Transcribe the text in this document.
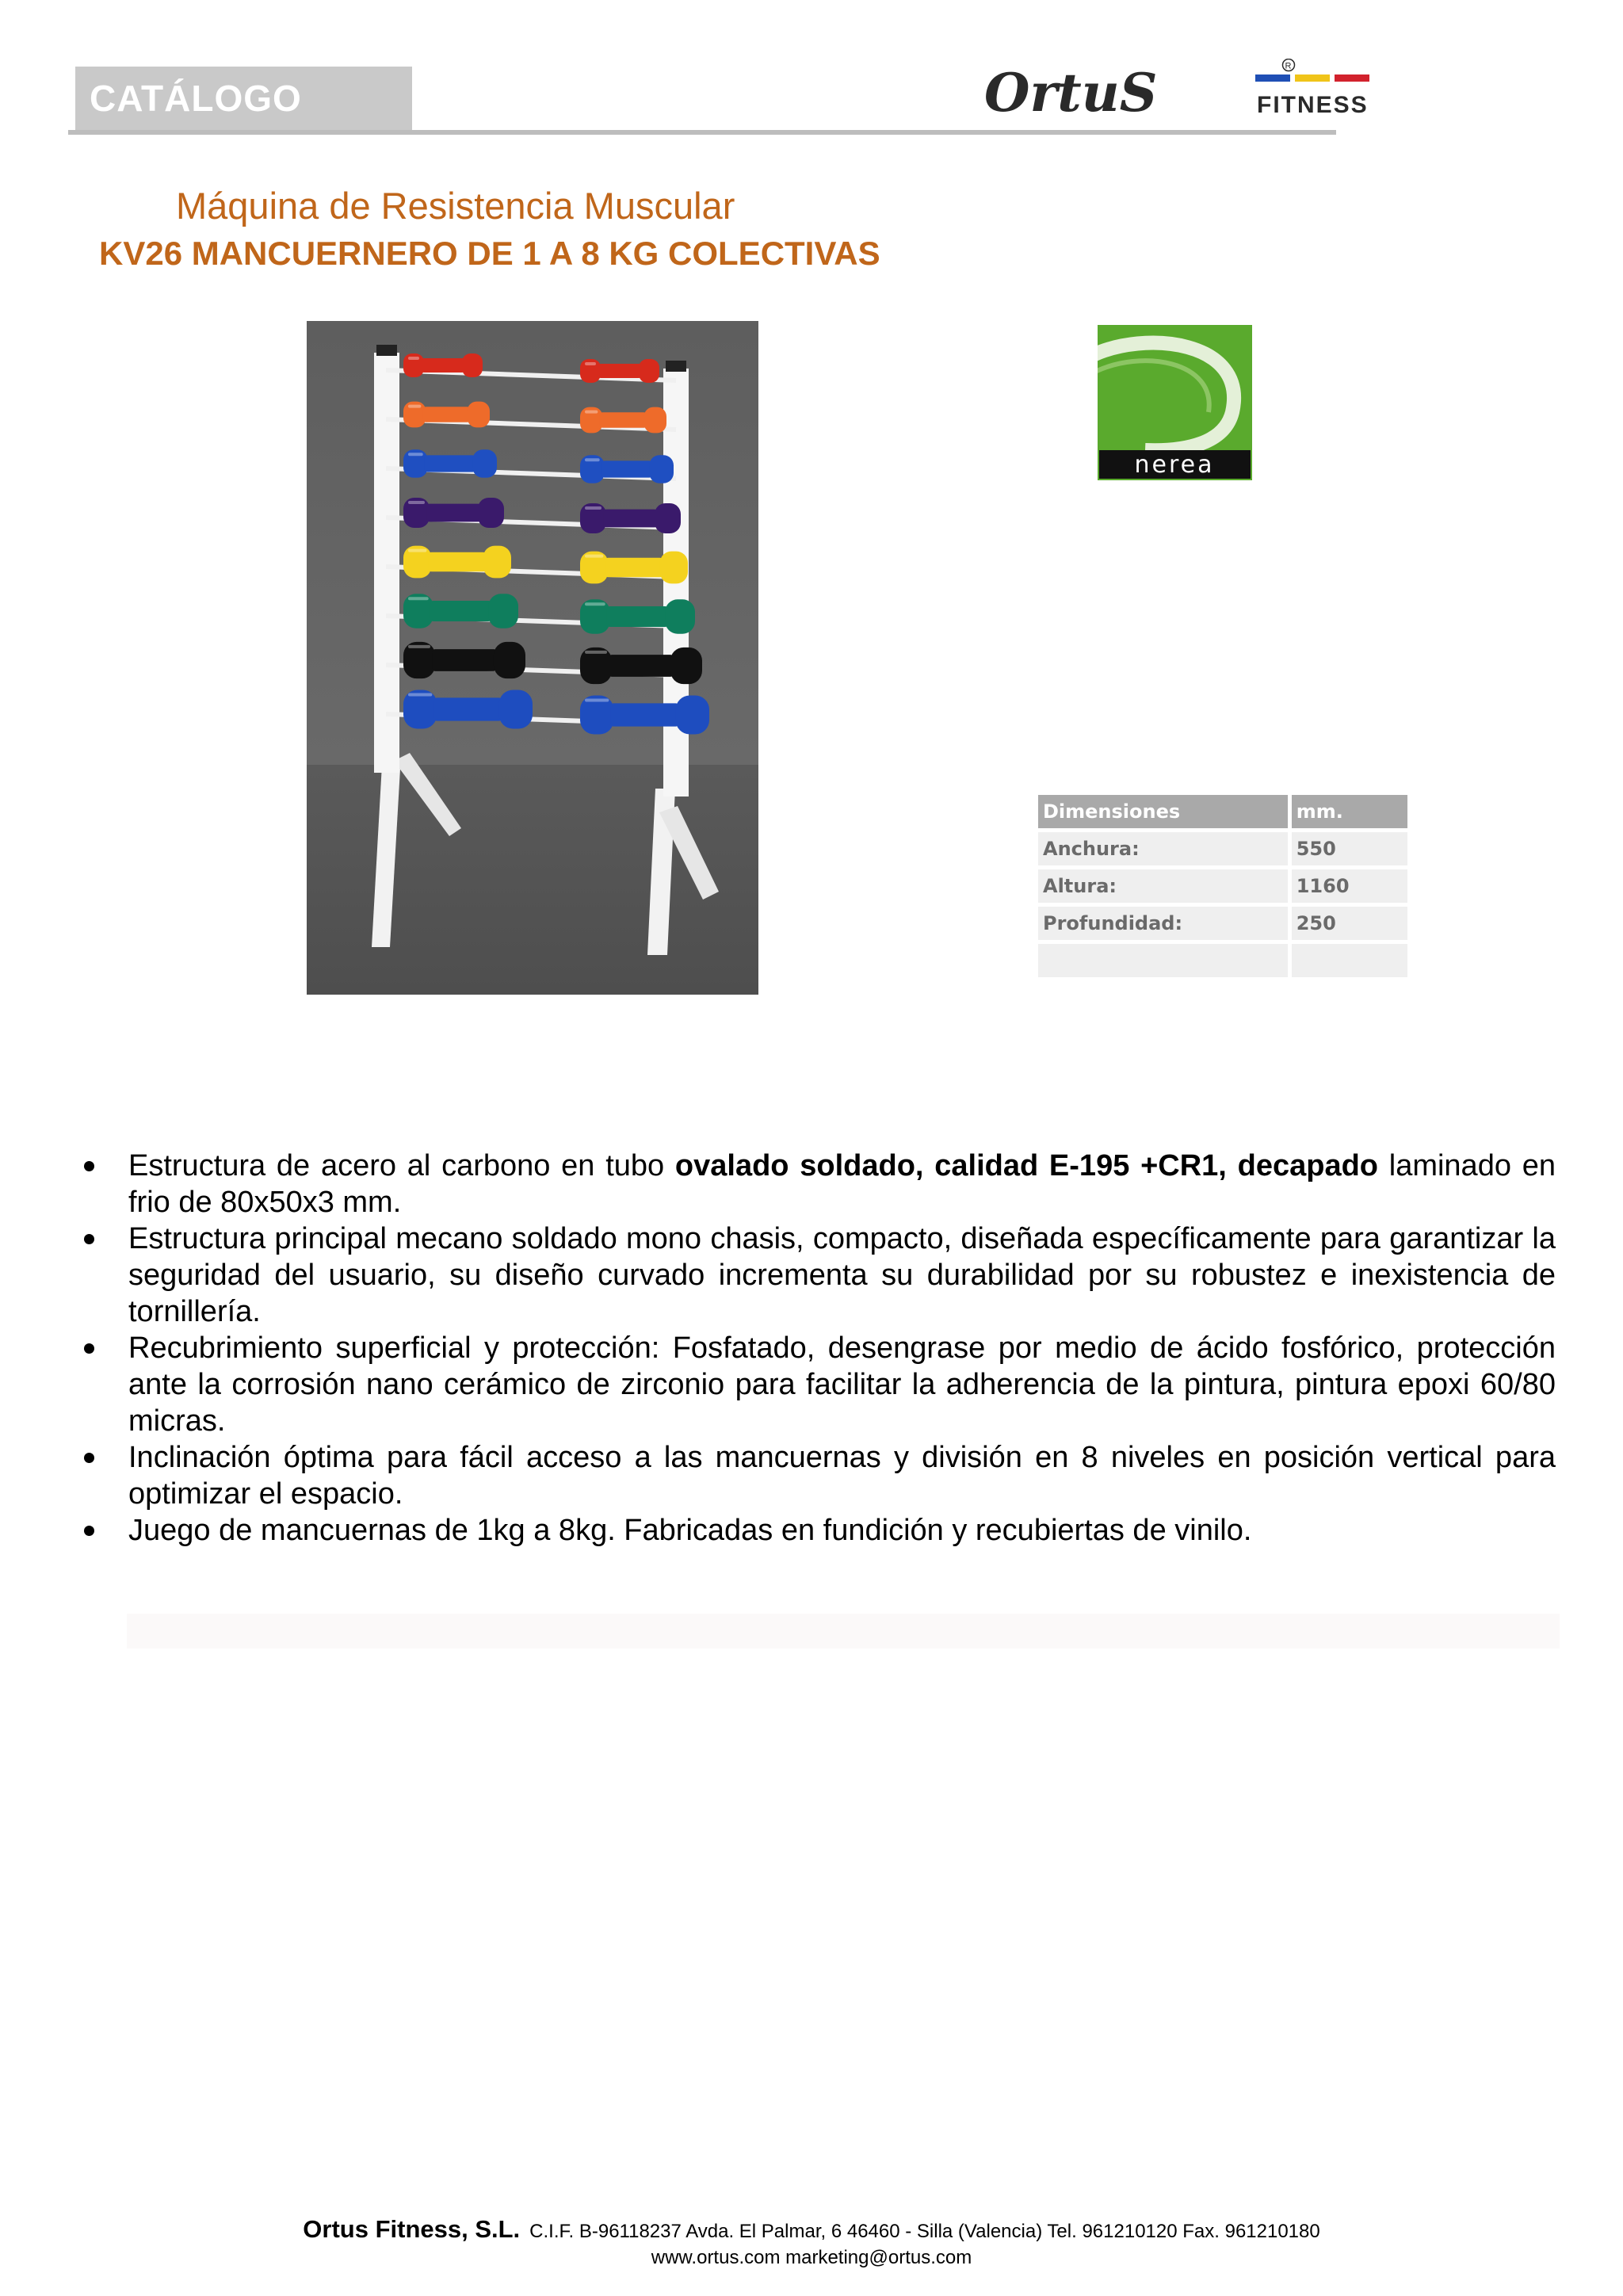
CATÁLOGO	OrtuS	FITNESS
R
Máquina de Resistencia Muscular
KV26 MANCUERNERO DE 1 A 8 KG COLECTIVAS
nerea
Dimensiones	mm.
Anchura:	550
Altura:	1160
Profundidad:	250

Estructura de acero al carbono en tubo ovalado soldado, calidad E-195 +CR1, decapado laminado en frio de 80x50x3 mm.
Estructura principal mecano soldado mono chasis, compacto, diseñada específicamente para garantizar la seguridad del usuario, su diseño curvado incrementa su durabilidad por su robustez e inexistencia de tornillería.
Recubrimiento superficial y protección: Fosfatado, desengrase por medio de ácido fosfórico, protección ante la corrosión nano cerámico de zirconio para facilitar la adherencia de la pintura, pintura epoxi 60/80 micras.
Inclinación óptima para fácil acceso a las mancuernas y división en 8 niveles en posición vertical para optimizar el espacio.
Juego de mancuernas de 1kg a 8kg. Fabricadas en fundición y recubiertas de vinilo.
Ortus Fitness, S.L. C.I.F. B-96118237 Avda. El Palmar, 6 46460 - Silla (Valencia) Tel. 961210120 Fax. 961210180
www.ortus.com marketing@ortus.com
